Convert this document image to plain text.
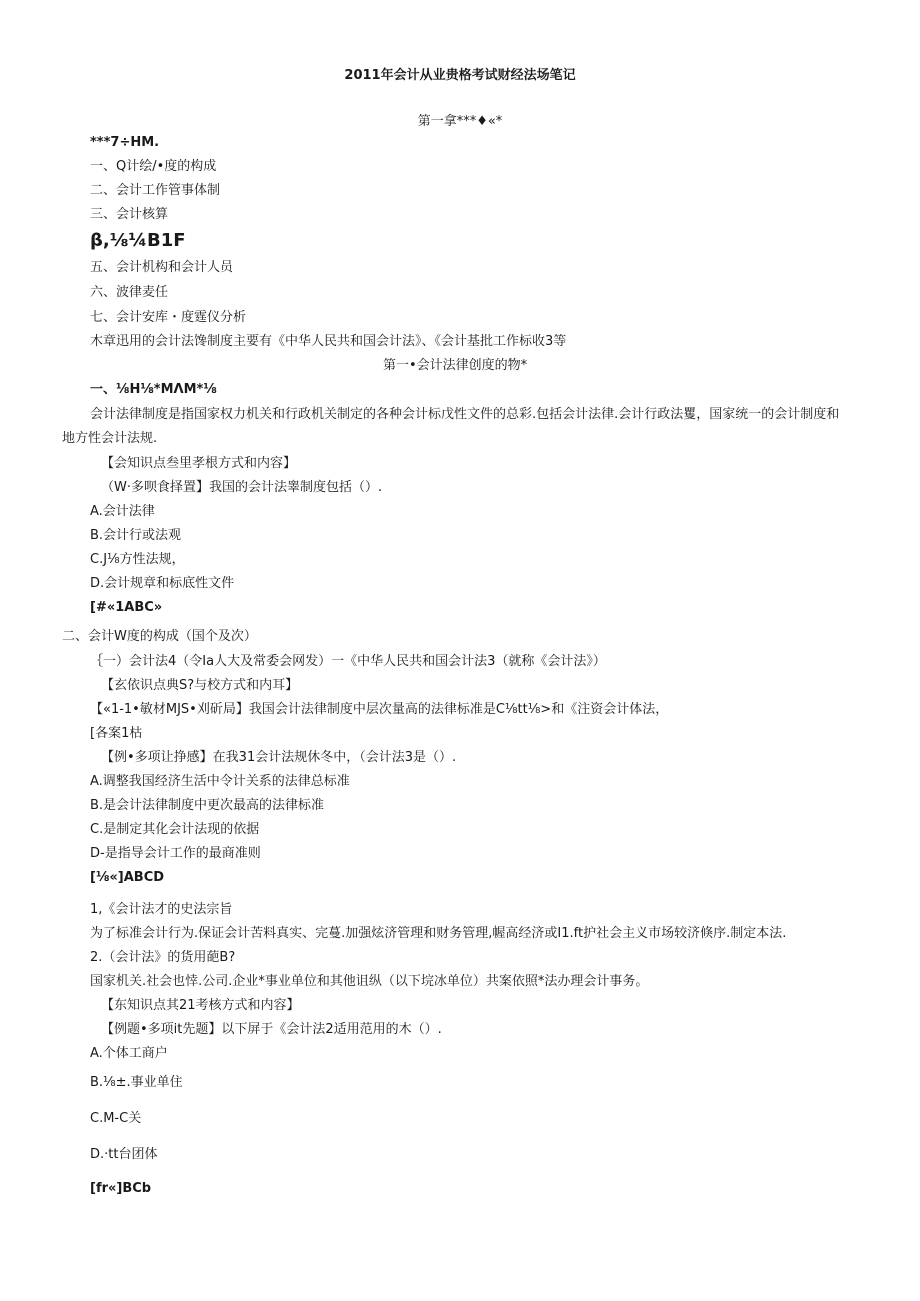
2011年会计从业贵格考试财经法场笔记
第一拿***♦«*
***7÷HM.
一、Q计绘/•度的构成
二、会计工作管事体制
三、会计核算
β,⅛¼B1F
五、会计机构和会计人员
六、波律麦任
七、会计安库・度霆仪分析
木章迅用的会计法馋制度主要有《中华人民共和国会计法》、《会计基批工作标收3等
第一•会计法律创度的物*
一、⅛H⅛*MΛM*⅛
会计法律制度是指国家权力机关和行政机关制定的各种会计标戊性文件的总彩.包括会计法律.会计行政法矍，国家统一的会计制度和
地方性会计法规.
【会知识点叁里孝根方式和内容】
（W·多呗食择置】我国的会计法睾制度包括（）.
A.会计法律
B.会计行或法观
C.J⅛方性法规，
D.会计规章和标底性文件
[#«1ABC»
二、会计W度的构成（国个及次）
｛一）会计法4（令Ia人大及常委会网发）一《中华人民共和国会计法3（就称《会计法》）
【玄依识点典S?与校方式和内耳】
【«1-1•敏材MJS•刈斫局】我国会计法律制度中层次量高的法律标准是C⅛tt⅛>和《注资会计体法，
[各案1枯
【例•多项让挣感】在我31会计法规休冬中，（会计法3是（）.
A.调整我国经济生活中令计关系的法律总标准
B.是会计法律制度中更次最高的法律标准
C.是制定其化会计法现的依据
D-是指导会计工作的最商准则
[⅛«]ABCD
1,《会计法才的史法宗旨
为了标准会计行为.保证会计苦料真实、完蔓.加强炫济管理和财务管理,幄高经济或I1.ft护社会主义市场较济倏序.制定本法.
2.（会计法》的货用葩B?
国家机关.社会也悻.公司.企业*事业单位和其他诅纵（以下垸冰单位）共案依照*法办理会计事务。
【东知识点其21考核方式和内容】
【例题•多项it先题】以下屏于《会计法2适用范用的木（）.
A.个体工商户
B.⅛±.事业单住
C.M-C关
D.·tt台团体
[fr«]BCb
